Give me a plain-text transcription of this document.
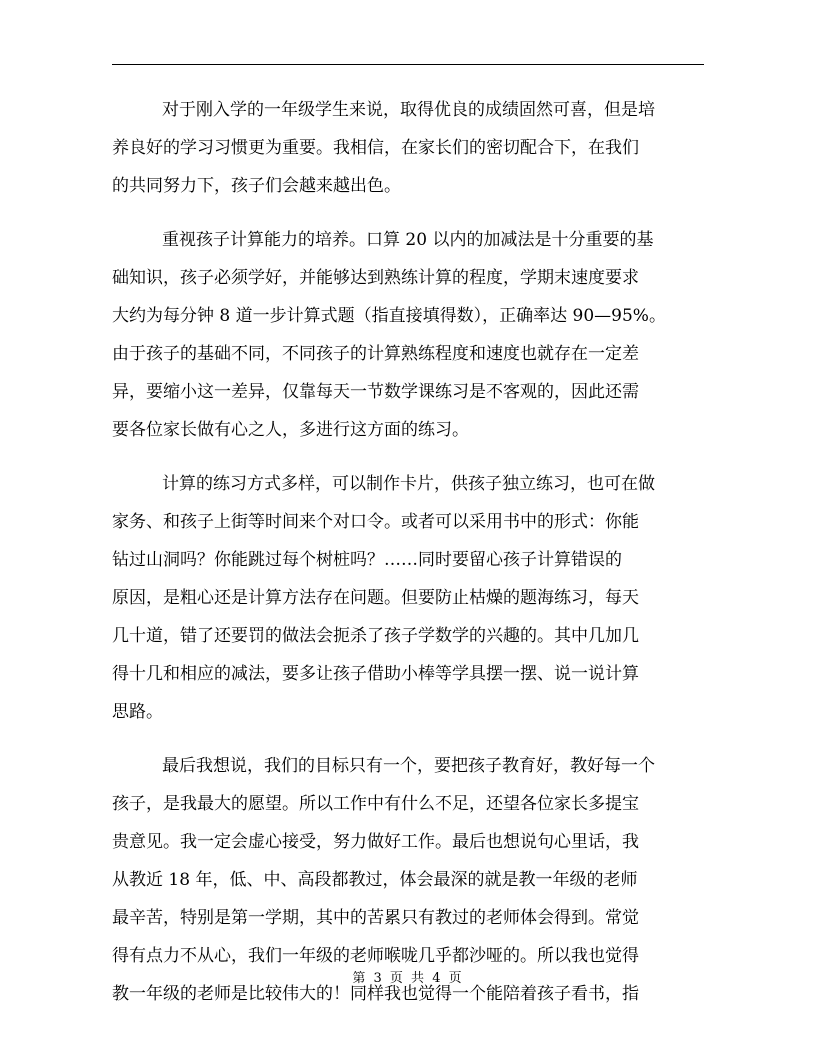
对于刚入学的一年级学生来说，取得优良的成绩固然可喜，但是培
养良好的学习习惯更为重要。我相信，在家长们的密切配合下，在我们
的共同努力下，孩子们会越来越出色。
重视孩子计算能力的培养。口算 20 以内的加减法是十分重要的基
础知识，孩子必须学好，并能够达到熟练计算的程度，学期末速度要求
大约为每分钟 8 道一步计算式题（指直接填得数），正确率达 90—95%。
由于孩子的基础不同，不同孩子的计算熟练程度和速度也就存在一定差
异，要缩小这一差异，仅靠每天一节数学课练习是不客观的，因此还需
要各位家长做有心之人，多进行这方面的练习。
计算的练习方式多样，可以制作卡片，供孩子独立练习，也可在做
家务、和孩子上街等时间来个对口令。或者可以采用书中的形式：你能
钻过山洞吗？你能跳过每个树桩吗？……同时要留心孩子计算错误的
原因，是粗心还是计算方法存在问题。但要防止枯燥的题海练习，每天
几十道，错了还要罚的做法会扼杀了孩子学数学的兴趣的。其中几加几
得十几和相应的减法，要多让孩子借助小棒等学具摆一摆、说一说计算
思路。
最后我想说，我们的目标只有一个，要把孩子教育好，教好每一个
孩子，是我最大的愿望。所以工作中有什么不足，还望各位家长多提宝
贵意见。我一定会虚心接受，努力做好工作。最后也想说句心里话，我
从教近 18 年，低、中、高段都教过，体会最深的就是教一年级的老师
最辛苦，特别是第一学期，其中的苦累只有教过的老师体会得到。常觉
得有点力不从心，我们一年级的老师喉咙几乎都沙哑的。所以我也觉得
教一年级的老师是比较伟大的！同样我也觉得一个能陪着孩子看书，指
第 3 页 共 4 页
